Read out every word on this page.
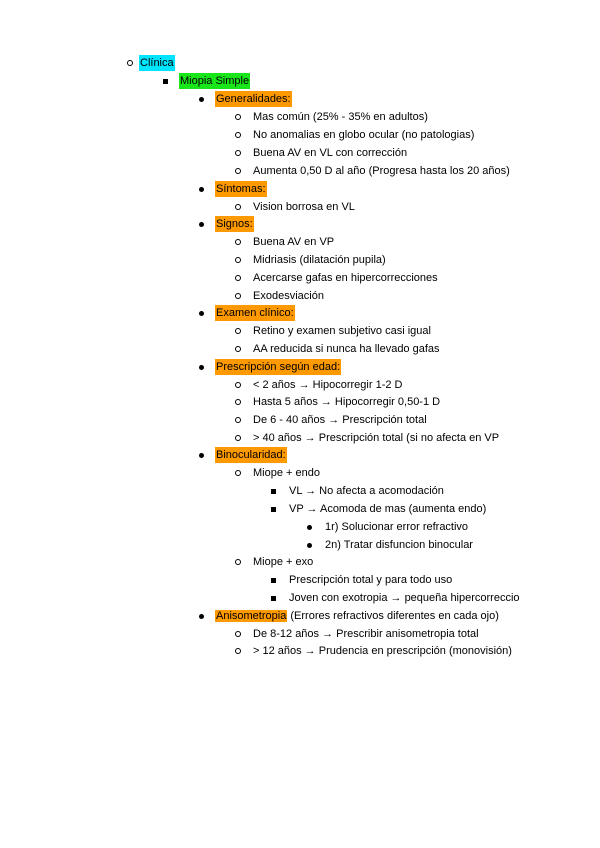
Clínica
Miopia Simple
Generalidades:
Mas común (25% - 35% en adultos)
No anomalias en globo ocular (no patologias)
Buena AV en VL con corrección
Aumenta 0,50 D al año (Progresa hasta los 20 años)
Síntomas:
Vision borrosa en VL
Signos:
Buena AV en VP
Midriasis (dilatación pupila)
Acercarse gafas en hipercorrecciones
Exodesviación
Examen clínico:
Retino y examen subjetivo casi igual
AA reducida si nunca ha llevado gafas
Prescripción según edad:
< 2 años → Hipocorregir 1-2 D
Hasta 5 años → Hipocorregir 0,50-1 D
De 6 - 40 años → Prescripción total
> 40 años → Prescripción total (si no afecta en VP
Binocularidad:
Miope + endo
VL → No afecta a acomodación
VP → Acomoda de mas (aumenta endo)
1r) Solucionar error refractivo
2n) Tratar disfuncion binocular
Miope + exo
Prescripción total y para todo uso
Joven con exotropia → pequeña hipercorreccio
Anisometropia (Errores refractivos diferentes en cada ojo)
De 8-12 años → Prescribir anisometropia total
> 12 años → Prudencia en prescripción (monovisión)
